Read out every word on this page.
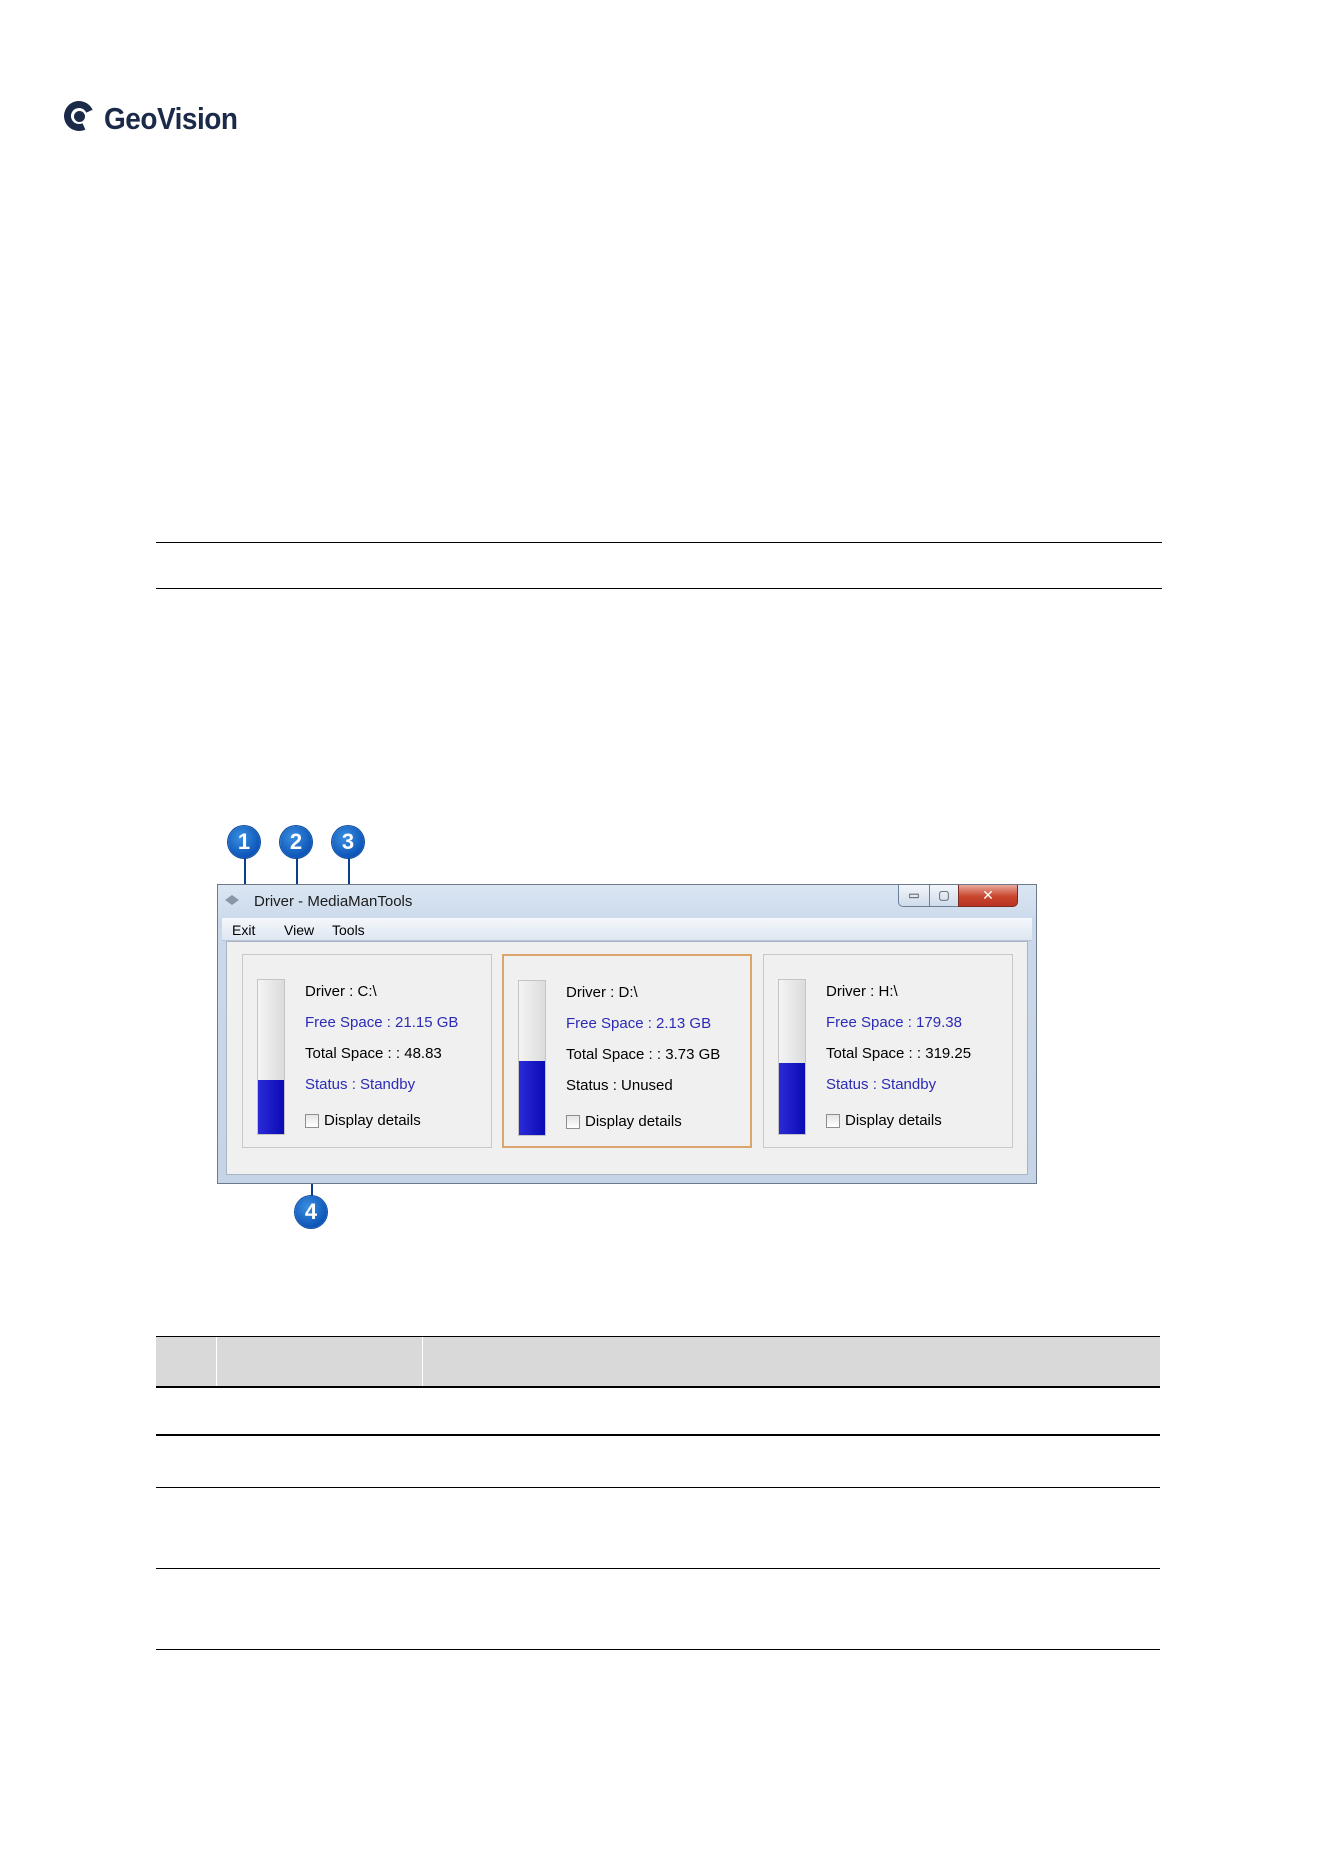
GeoVision
1	2	3
4
Driver - MediaManTools	▭	▢	✕
Exit View Tools
Driver : C:\
Free Space : 21.15 GB
Total Space : : 48.83
Status : Standby
Display details
Driver : D:\
Free Space : 2.13 GB
Total Space : : 3.73 GB
Status : Unused
Display details
Driver : H:\
Free Space : 179.38
Total Space : : 319.25
Status : Standby
Display details
